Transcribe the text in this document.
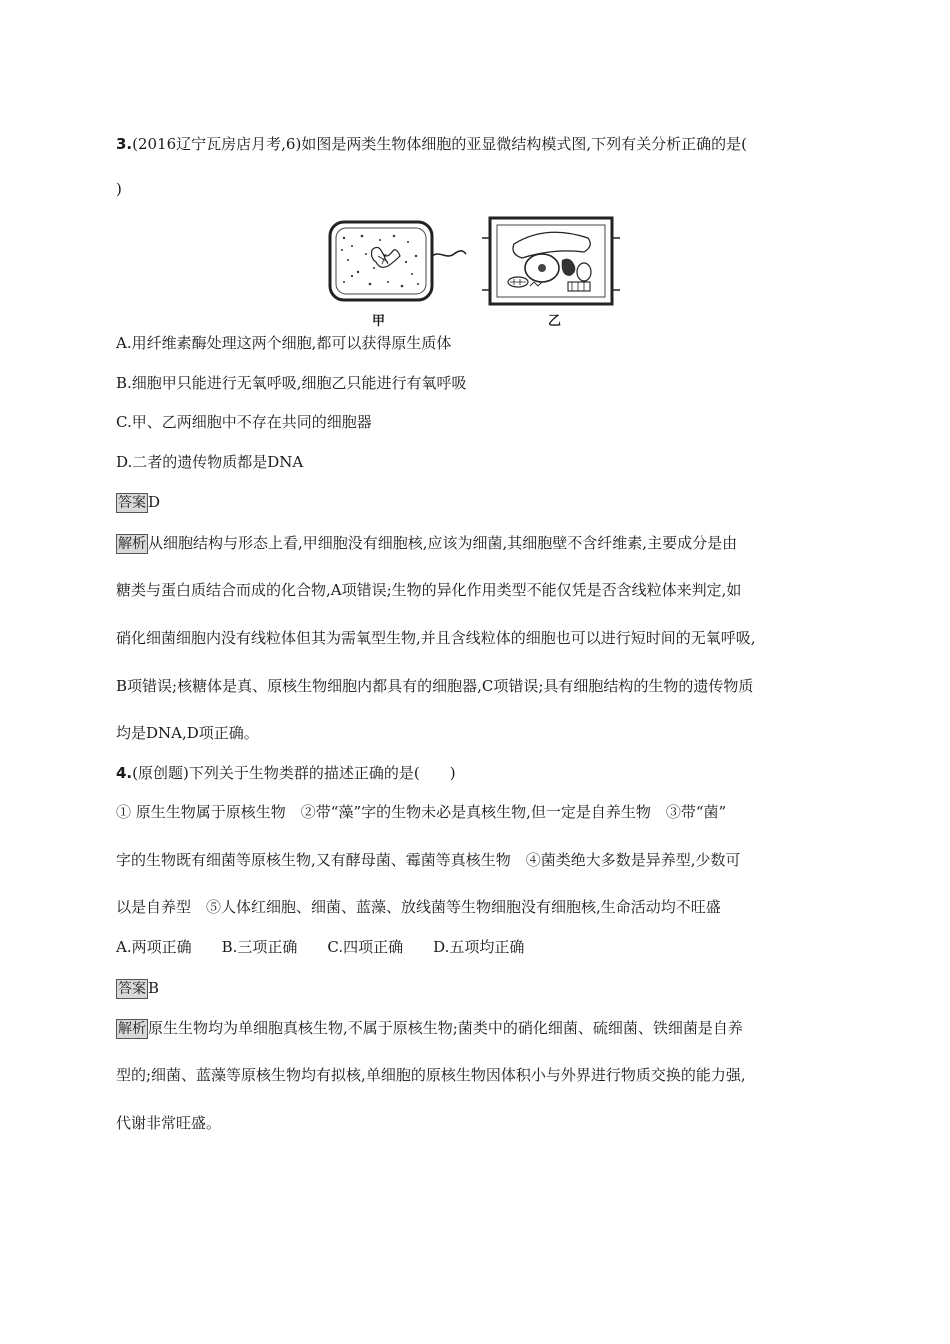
3.(2016辽宁瓦房店月考,6)如图是两类生物体细胞的亚显微结构模式图,下列有关分析正确的是(
)
甲	乙
A.用纤维素酶处理这两个细胞,都可以获得原生质体
B.细胞甲只能进行无氧呼吸,细胞乙只能进行有氧呼吸
C.甲、乙两细胞中不存在共同的细胞器
D.二者的遗传物质都是DNA
答案 D
解析 从细胞结构与形态上看,甲细胞没有细胞核,应该为细菌,其细胞壁不含纤维素,主要成分是由
糖类与蛋白质结合而成的化合物,A项错误;生物的异化作用类型不能仅凭是否含线粒体来判定,如
硝化细菌细胞内没有线粒体但其为需氧型生物,并且含线粒体的细胞也可以进行短时间的无氧呼吸,
B项错误;核糖体是真、原核生物细胞内都具有的细胞器,C项错误;具有细胞结构的生物的遗传物质
均是DNA,D项正确。
4.(原创题)下列关于生物类群的描述正确的是(　　)
① 原生生物属于原核生物　②带“藻”字的生物未必是真核生物,但一定是自养生物　③带“菌”
字的生物既有细菌等原核生物,又有酵母菌、霉菌等真核生物　④菌类绝大多数是异养型,少数可
以是自养型　⑤人体红细胞、细菌、蓝藻、放线菌等生物细胞没有细胞核,生命活动均不旺盛
A.两项正确　　B.三项正确　　C.四项正确　　D.五项均正确
答案 B
解析 原生生物均为单细胞真核生物,不属于原核生物;菌类中的硝化细菌、硫细菌、铁细菌是自养
型的;细菌、蓝藻等原核生物均有拟核,单细胞的原核生物因体积小与外界进行物质交换的能力强,
代谢非常旺盛。
